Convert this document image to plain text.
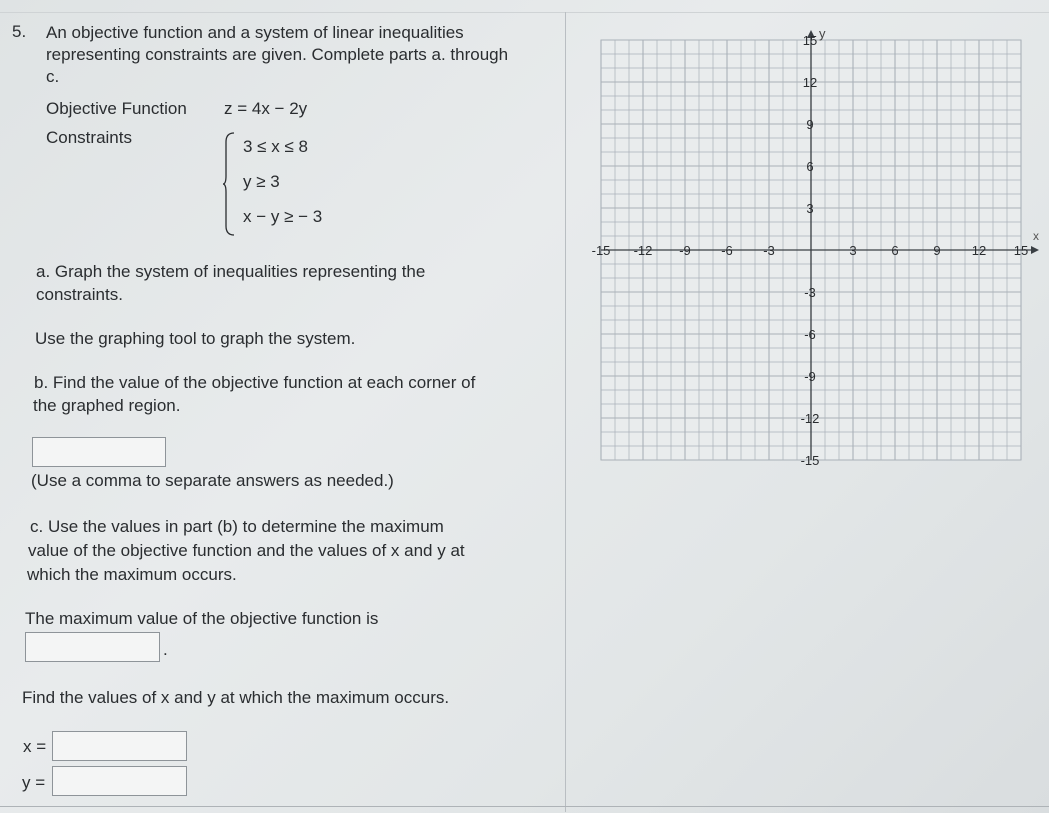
5. An objective function and a system of linear inequalities representing constraints are given. Complete parts a. through c.
Objective Function z = 4x − 2y
Constraints	3 ≤ x ≤ 8
y ≥ 3
x − y ≥ − 3
a. Graph the system of inequalities representing the
constraints.
Use the graphing tool to graph the system.
b. Find the value of the objective function at each corner of
the graphed region.
(Use a comma to separate answers as needed.)
c. Use the values in part (b) to determine the maximum
value of the objective function and the values of x and y at
which the maximum occurs.
The maximum value of the objective function is
.
Find the values of x and y at which the maximum occurs.
x =
y =
x
y
-15 -12 -9 -6 -3	3	6	9 12 15
15
12
9
6
3
-3
-6
-9
-12
-15
